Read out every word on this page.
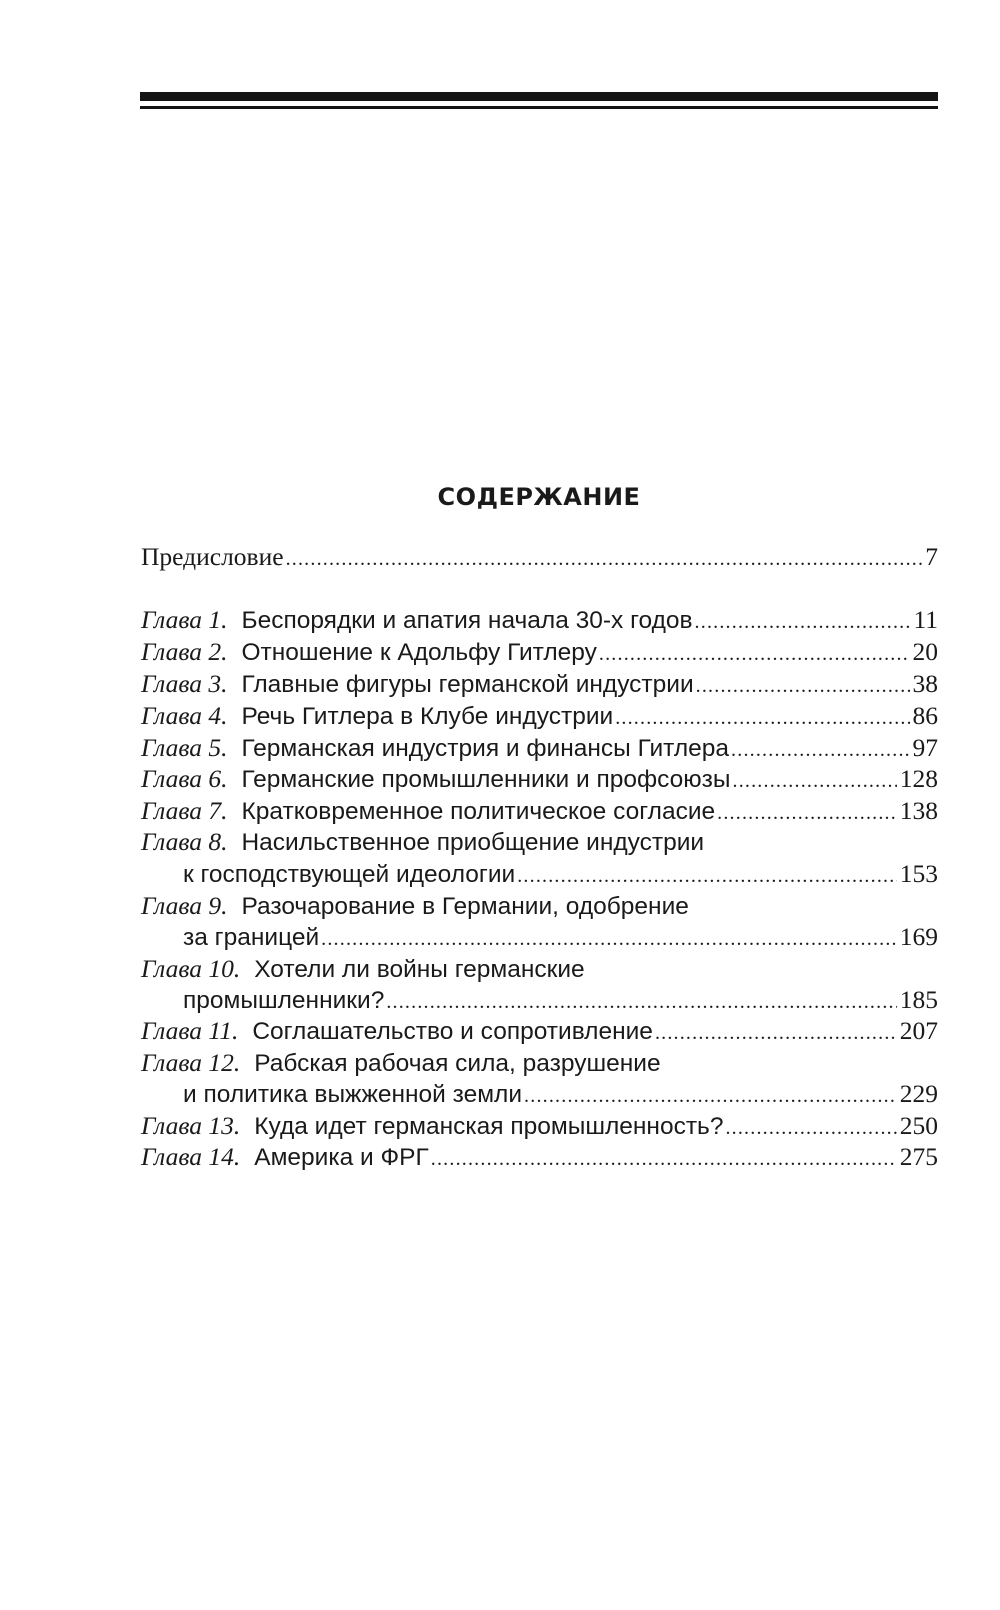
СОДЕРЖАНИЕ
Предисловие .....	7
Глава 1. Беспорядки и апатия начала 30-х годов .....	11
Глава 2. Отношение к Адольфу Гитлеру .....	20
Глава 3. Главные фигуры германской индустрии .....	38
Глава 4. Речь Гитлера в Клубе индустрии .....	86
Глава 5. Германская индустрия и финансы Гитлера .....	97
Глава 6. Германские промышленники и профсоюзы .....	128
Глава 7. Кратковременное политическое согласие .....	138
Глава 8. Насильственное приобщение индустрии
к господствующей идеологии .....	153
Глава 9. Разочарование в Германии, одобрение
за границей .....	169
Глава 10. Хотели ли войны германские
промышленники? .....	185
Глава 11. Соглашательство и сопротивление .....	207
Глава 12. Рабская рабочая сила, разрушение
и политика выжженной земли .....	229
Глава 13. Куда идет германская промышленность? .....	250
Глава 14. Америка и ФРГ .....	275
